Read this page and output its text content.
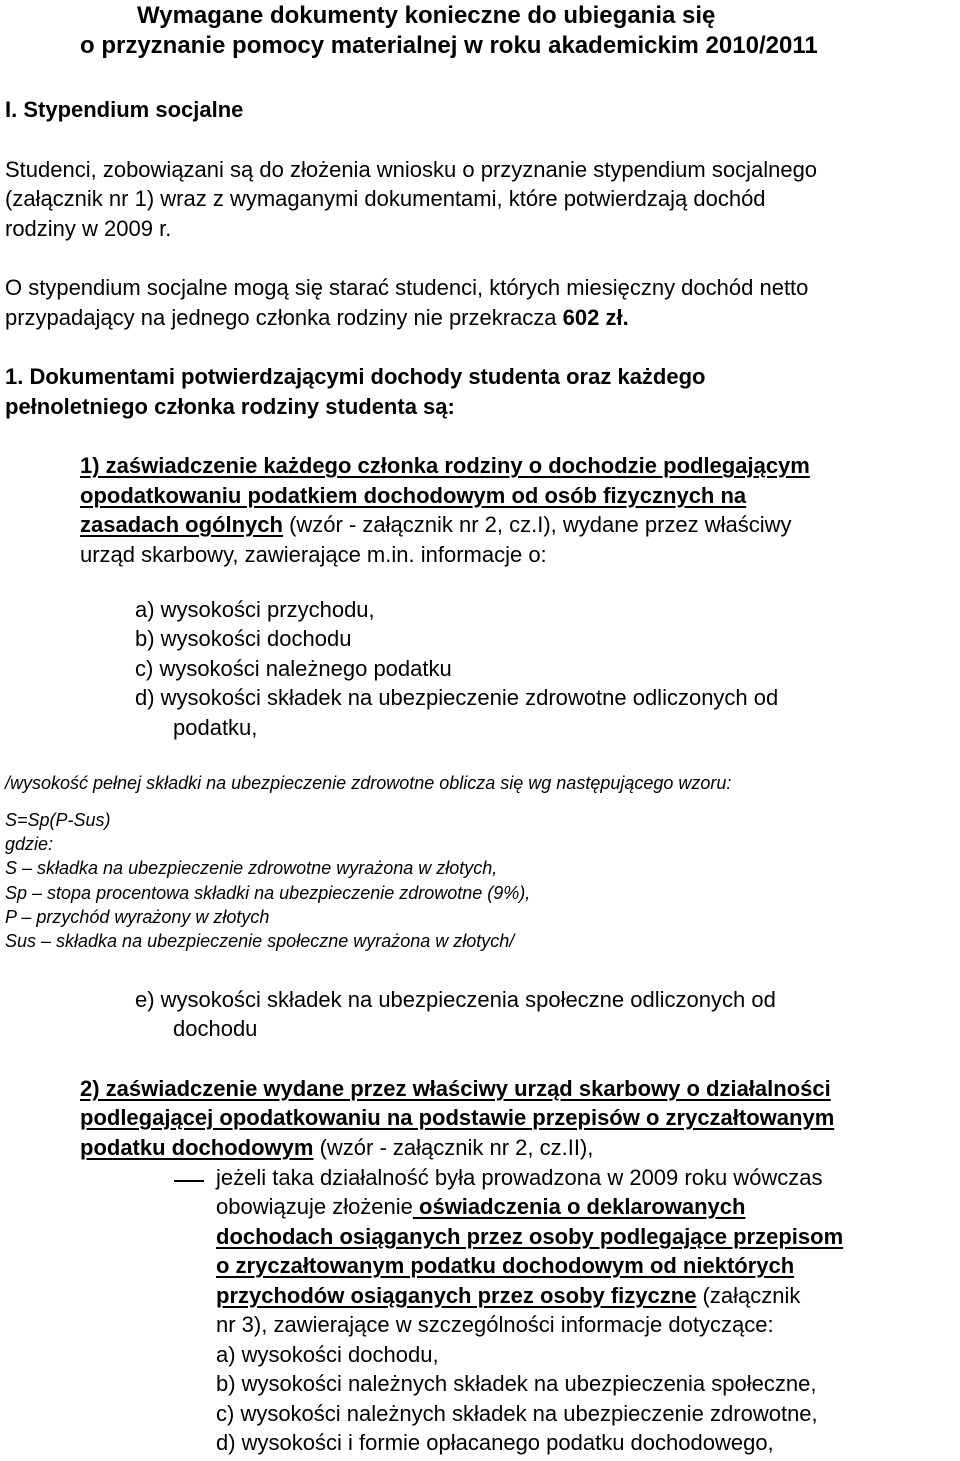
Wymagane dokumenty konieczne do ubiegania się
o przyznanie pomocy materialnej w roku akademickim 2010/2011
I. Stypendium socjalne
Studenci, zobowiązani są do złożenia wniosku o przyznanie stypendium socjalnego
(załącznik nr 1) wraz z wymaganymi dokumentami, które potwierdzają dochód
rodziny w 2009 r.
O stypendium socjalne mogą się starać studenci, których miesięczny dochód netto
przypadający na jednego członka rodziny nie przekracza 602 zł.
1. Dokumentami potwierdzającymi dochody studenta oraz każdego
pełnoletniego członka rodziny studenta są:
1) zaświadczenie każdego członka rodziny o dochodzie podlegającym
opodatkowaniu podatkiem dochodowym od osób fizycznych na
zasadach ogólnych (wzór - załącznik nr 2, cz.I), wydane przez właściwy
urząd skarbowy, zawierające m.in. informacje o:
a) wysokości przychodu,
b) wysokości dochodu
c) wysokości należnego podatku
d) wysokości składek na ubezpieczenie zdrowotne odliczonych od
podatku,
/wysokość pełnej składki na ubezpieczenie zdrowotne oblicza się wg następującego wzoru:
S=Sp(P-Sus)
gdzie:
S – składka na ubezpieczenie zdrowotne wyrażona w złotych,
Sp – stopa procentowa składki na ubezpieczenie zdrowotne (9%),
P – przychód wyrażony w złotych
Sus – składka na ubezpieczenie społeczne wyrażona w złotych/
e) wysokości składek na ubezpieczenia społeczne odliczonych od
dochodu
2) zaświadczenie wydane przez właściwy urząd skarbowy o działalności
podlegającej opodatkowaniu na podstawie przepisów o zryczałtowanym
podatku dochodowym (wzór - załącznik nr 2, cz.II),
jeżeli taka działalność była prowadzona w 2009 roku wówczas
obowiązuje złożenie oświadczenia o deklarowanych
dochodach osiąganych przez osoby podlegające przepisom
o zryczałtowanym podatku dochodowym od niektórych
przychodów osiąganych przez osoby fizyczne (załącznik
nr 3), zawierające w szczególności informacje dotyczące:
a) wysokości dochodu,
b) wysokości należnych składek na ubezpieczenia społeczne,
c) wysokości należnych składek na ubezpieczenie zdrowotne,
d) wysokości i formie opłacanego podatku dochodowego,
